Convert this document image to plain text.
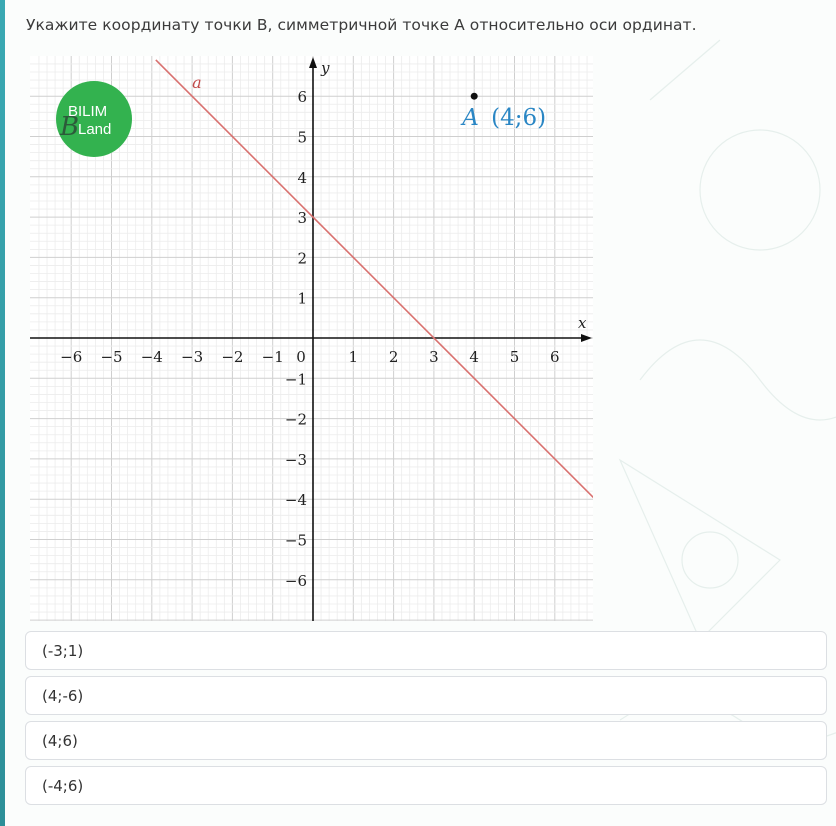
Укажите координату точки B, симметричной точке A относительно оси ординат.
x
y
−6 −5 −4 −3 −2 −1 0	1 2 3 4 5 6
6
5
4
3
2
1
−1
−2
−3
−4
−5
−6
a
A (4;6)
B
BILIM
Land
(-3;1)
(4;-6)
(4;6)
(-4;6)
